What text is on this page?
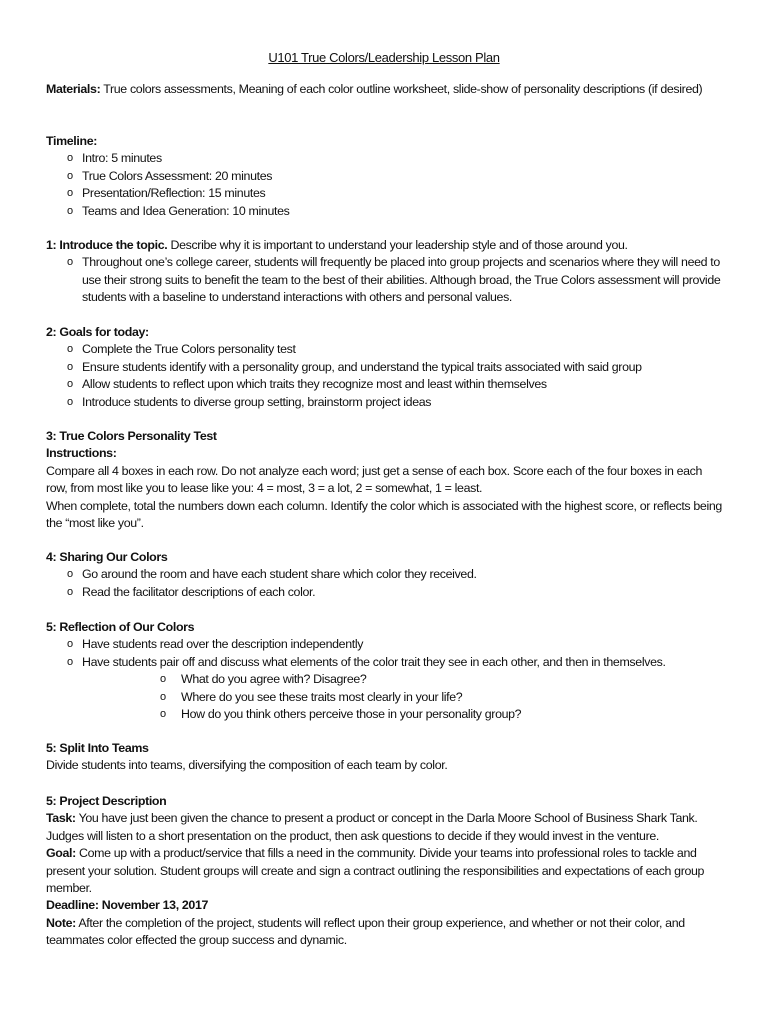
U101 True Colors/Leadership Lesson Plan

Materials: True colors assessments, Meaning of each color outline worksheet, slide-show of personality descriptions (if desired)

Timeline:

o Intro: 5 minutes
o True Colors Assessment: 20 minutes
o Presentation/Reflection: 15 minutes
o Teams and Idea Generation: 10 minutes

1: Introduce the topic. Describe why it is important to understand your leadership style and of those around you.

o Throughout one’s college career, students will frequently be placed into group projects and scenarios where they will need to use their strong suits to benefit the team to the best of their abilities. Although broad, the True Colors assessment will provide students with a baseline to understand interactions with others and personal values.

2: Goals for today:

o Complete the True Colors personality test
o Ensure students identify with a personality group, and understand the typical traits associated with said group
o Allow students to reflect upon which traits they recognize most and least within themselves
o Introduce students to diverse group setting, brainstorm project ideas

3: True Colors Personality Test

Instructions:

Compare all 4 boxes in each row. Do not analyze each word; just get a sense of each box. Score each of the four boxes in each row, from most like you to lease like you: 4 = most, 3 = a lot, 2 = somewhat, 1 = least.

When complete, total the numbers down each column. Identify the color which is associated with the highest score, or reflects being the “most like you”.

4: Sharing Our Colors

o Go around the room and have each student share which color they received.
o Read the facilitator descriptions of each color.

5: Reflection of Our Colors

o Have students read over the description independently
o Have students pair off and discuss what elements of the color trait they see in each other, and then in themselves.
o What do you agree with? Disagree?
o Where do you see these traits most clearly in your life?
o How do you think others perceive those in your personality group?

5: Split Into Teams

Divide students into teams, diversifying the composition of each team by color.

5: Project Description

Task: You have just been given the chance to present a product or concept in the Darla Moore School of Business Shark Tank. Judges will listen to a short presentation on the product, then ask questions to decide if they would invest in the venture.

Goal: Come up with a product/service that fills a need in the community. Divide your teams into professional roles to tackle and present your solution. Student groups will create and sign a contract outlining the responsibilities and expectations of each group member.

Deadline: November 13, 2017

Note: After the completion of the project, students will reflect upon their group experience, and whether or not their color, and teammates color effected the group success and dynamic.
